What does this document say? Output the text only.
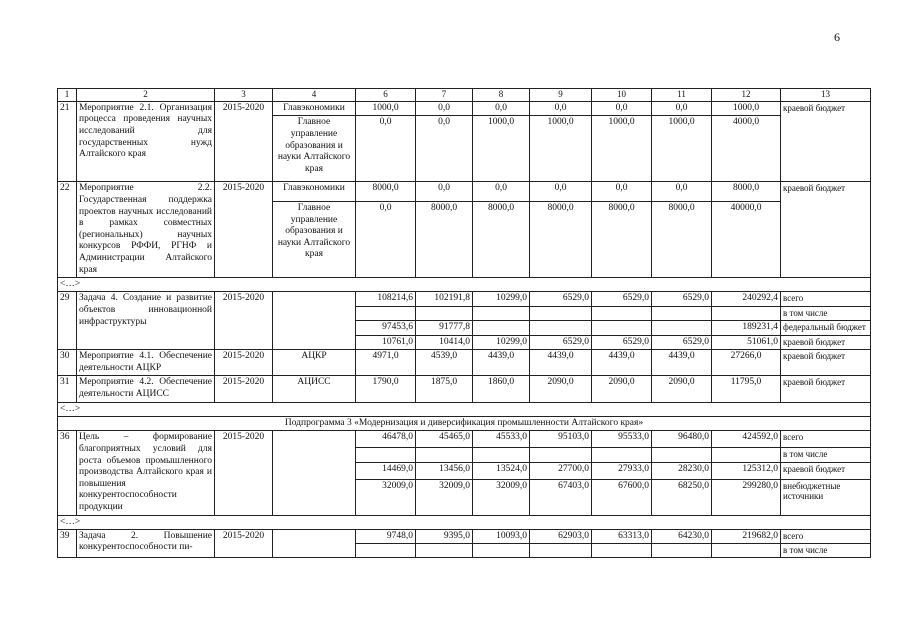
6
1	2	3	4	6	7	8	9	10	11	12	13
21	Мероприятие 2.1. Организация процесса проведения научных исследований для государственных нужд Алтайского края	2015-2020	Главэкономики	1000,0	0,0	0,0	0,0	0,0	0,0	1000,0	краевой бюджет
			Главное управление образования и науки Алтайского края	0,0	0,0	1000,0	1000,0	1000,0	1000,0	4000,0	
22	Мероприятие 2.2. Государственная поддержка проектов научных исследований в рамках совместных (региональных) научных конкурсов РФФИ, РГНФ и Администрации Алтайского края	2015-2020	Главэкономики	8000,0	0,0	0,0	0,0	0,0	0,0	8000,0	краевой бюджет
			Главное управление образования и науки Алтайского края	0,0	8000,0	8000,0	8000,0	8000,0	8000,0	40000,0	
<…>											
29	Задача 4. Создание и развитие объектов инновационной инфраструктуры	2015-2020		108214,6	102191,8	10299,0	6529,0	6529,0	6529,0	240292,4	всего
											в том числе
				97453,6	91777,8					189231,4	федеральный бюджет
				10761,0	10414,0	10299,0	6529,0	6529,0	6529,0	51061,0	краевой бюджет
30	Мероприятие 4.1. Обеспечение деятельности АЦКР	2015-2020	АЦКР	4971,0	4539,0	4439,0	4439,0	4439,0	4439,0	27266,0	краевой бюджет
31	Мероприятие 4.2. Обеспечение деятельности АЦИСС	2015-2020	АЦИСС	1790,0	1875,0	1860,0	2090,0	2090,0	2090,0	11795,0	краевой бюджет
<…>											
Подпрограмма 3 «Модернизация и диверсификация промышленности Алтайского края»											
36	Цель – формирование благоприятных условий для роста объемов промышленного производства Алтайского края и повышения конкурентоспособности продукции	2015-2020		46478,0	45465,0	45533,0	95103,0	95533,0	96480,0	424592,0	всего
											в том числе
				14469,0	13456,0	13524,0	27700,0	27933,0	28230,0	125312,0	краевой бюджет
				32009,0	32009,0	32009,0	67403,0	67600,0	68250,0	299280,0	внебюджетные источники
<…>											
39	Задача 2. Повышение конкурентоспособности пи-	2015-2020		9748,0	9395,0	10093,0	62903,0	63313,0	64230,0	219682,0	всего
											в том числе
